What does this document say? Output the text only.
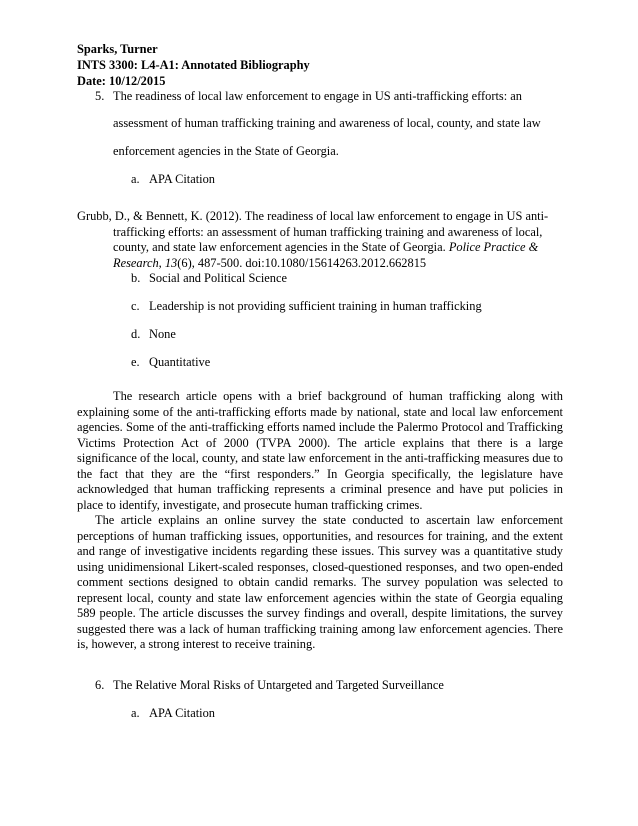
Sparks, Turner
INTS 3300: L4-A1: Annotated Bibliography
Date: 10/12/2015
5. The readiness of local law enforcement to engage in US anti-trafficking efforts: an
assessment of human trafficking training and awareness of local, county, and state law
enforcement agencies in the State of Georgia.
a. APA Citation

Grubb, D., & Bennett, K. (2012). The readiness of local law enforcement to engage in US anti-trafficking efforts: an assessment of human trafficking training and awareness of local, county, and state law enforcement agencies in the State of Georgia. Police Practice & Research, 13(6), 487-500. doi:10.1080/15614263.2012.662815

b. Social and Political Science
c. Leadership is not providing sufficient training in human trafficking
d. None
e. Quantitative

The research article opens with a brief background of human trafficking along with explaining some of the anti-trafficking efforts made by national, state and local law enforcement agencies. Some of the anti-trafficking efforts named include the Palermo Protocol and Trafficking Victims Protection Act of 2000 (TVPA 2000). The article explains that there is a large significance of the local, county, and state law enforcement in the anti-trafficking measures due to the fact that they are the “first responders.” In Georgia specifically, the legislature have acknowledged that human trafficking represents a criminal presence and have put policies in place to identify, investigate, and prosecute human trafficking crimes.

The article explains an online survey the state conducted to ascertain law enforcement perceptions of human trafficking issues, opportunities, and resources for training, and the extent and range of investigative incidents regarding these issues. This survey was a quantitative study using unidimensional Likert-scaled responses, closed-questioned responses, and two open-ended comment sections designed to obtain candid remarks. The survey population was selected to represent local, county and state law enforcement agencies within the state of Georgia equaling 589 people. The article discusses the survey findings and overall, despite limitations, the survey suggested there was a lack of human trafficking training among law enforcement agencies. There is, however, a strong interest to receive training.

6. The Relative Moral Risks of Untargeted and Targeted Surveillance
a. APA Citation
